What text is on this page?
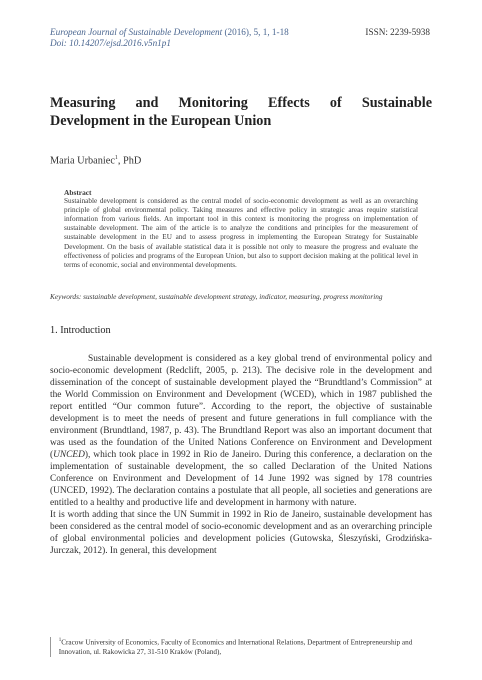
European Journal of Sustainable Development (2016), 5, 1, 1-18	ISSN: 2239-5938
Doi: 10.14207/ejsd.2016.v5n1p1
Measuring and Monitoring Effects of Sustainable
Development in the European Union
Maria Urbaniec$^1$, PhD
Abstract
Sustainable development is considered as the central model of socio-economic development as well as an overarching principle of global environmental policy. Taking measures and effective policy in strategic areas require statistical information from various fields. An important tool in this context is monitoring the progress on implementation of sustainable development. The aim of the article is to analyze the conditions and principles for the measurement of sustainable development in the EU and to assess progress in implementing the European Strategy for Sustainable Development. On the basis of available statistical data it is possible not only to measure the progress and evaluate the effectiveness of policies and programs of the European Union, but also to support decision making at the political level in terms of economic, social and environmental developments.
Keywords: sustainable development, sustainable development strategy, indicator, measuring, progress monitoring
1. Introduction

Sustainable development is considered as a key global trend of environmental policy and socio-economic development (Redclift, 2005, p. 213). The decisive role in the development and dissemination of the concept of sustainable development played the “Brundtland’s Commission” at the World Commission on Environment and Development (WCED), which in 1987 published the report entitled “Our common future”. According to the report, the objective of sustainable development is to meet the needs of present and future generations in full compliance with the environment (Brundtland, 1987, p. 43). The Brundtland Report was also an important document that was used as the foundation of the United Nations Conference on Environment and Development (UNCED), which took place in 1992 in Rio de Janeiro. During this conference, a declaration on the implementation of sustainable development, the so called Declaration of the United Nations Conference on Environment and Development of 14 June 1992 was signed by 178 countries (UNCED, 1992). The declaration contains a postulate that all people, all societies and generations are entitled to a healthy and productive life and development in harmony with nature.

It is worth adding that since the UN Summit in 1992 in Rio de Janeiro, sustainable development has been considered as the central model of socio-economic development and as an overarching principle of global environmental policies and development policies (Gutowska, Śleszyński, Grodzińska-Jurczak, 2012). In general, this development

$^1$Cracow University of Economics, Faculty of Economics and International Relations, Department of Entrepreneurship and Innovation, ul. Rakowicka 27, 31-510 Kraków (Poland),
